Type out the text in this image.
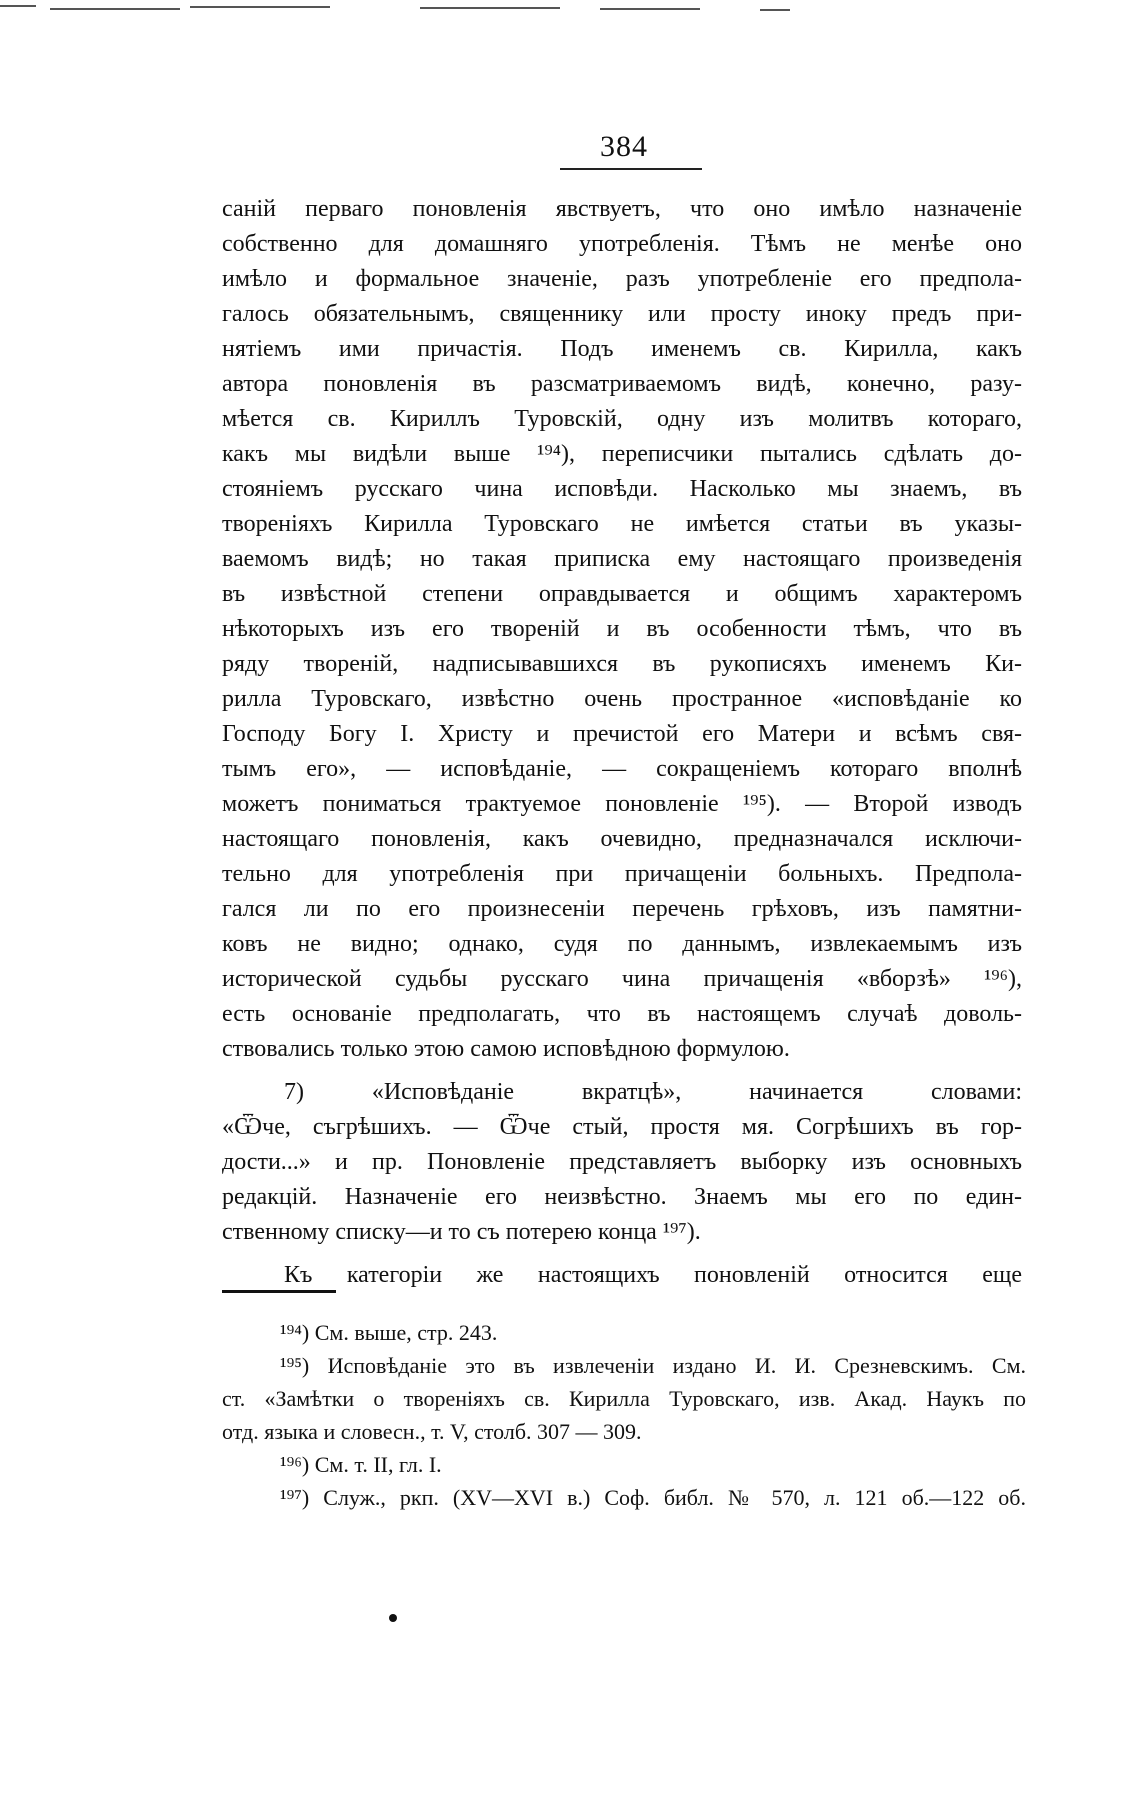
384
саній перваго поновленія явствуетъ, что оно имѣло назначеніе
собственно для домашняго употребленія. Тѣмъ не менѣе оно
имѣло и формальное значеніе, разъ употребленіе его предпола-
галось обязательнымъ, священнику или просту иноку предъ при-
нятіемъ ими причастія. Подъ именемъ св. Кирилла, какъ
автора поновленія въ разсматриваемомъ видѣ, конечно, разу-
мѣется св. Кириллъ Туровскій, одну изъ молитвъ котораго,
какъ мы видѣли выше ¹⁹⁴), переписчики пытались сдѣлать до-
стояніемъ русскаго чина исповѣди. Насколько мы знаемъ, въ
твореніяхъ Кирилла Туровскаго не имѣется статьи въ указы-
ваемомъ видѣ; но такая приписка ему настоящаго произведенія
въ извѣстной степени оправдывается и общимъ характеромъ
нѣкоторыхъ изъ его твореній и въ особенности тѣмъ, что въ
ряду твореній, надписывавшихся въ рукописяхъ именемъ Ки-
рилла Туровскаго, извѣстно очень пространное «исповѣданіе ко
Господу Богу І. Христу и пречистой его Матери и всѣмъ свя-
тымъ его», — исповѣданіе, — сокращеніемъ котораго вполнѣ
можетъ пониматься трактуемое поновленіе ¹⁹⁵). — Второй изводъ
настоящаго поновленія, какъ очевидно, предназначался исключи-
тельно для употребленія при причащеніи больныхъ. Предпола-
гался ли по его произнесеніи перечень грѣховъ, изъ памятни-
ковъ не видно; однако, судя по даннымъ, извлекаемымъ изъ
исторической судьбы русскаго чина причащенія «вборзѣ» ¹⁹⁶),
есть основаніе предполагать, что въ настоящемъ случаѣ доволь-
ствовались только этою самою исповѣдною формулою.
7) «Исповѣданіе вкратцѣ», начинается словами:
«Ѿче, съгрѣшихъ. — Ѿче стый, простя мя. Согрѣшихъ въ гор-
дости...» и пр. Поновленіе представляетъ выборку изъ основныхъ
редакцій. Назначеніе его неизвѣстно. Знаемъ мы его по един-
ственному списку—и то съ потерею конца ¹⁹⁷).
Къ категоріи же настоящихъ поновленій относится еще
¹⁹⁴) См. выше, стр. 243.
¹⁹⁵) Исповѣданіе это въ извлеченіи издано И. И. Срезневскимъ. См.
ст. «Замѣтки о твореніяхъ св. Кирилла Туровскаго, изв. Акад. Наукъ по
отд. языка и словесн., т. V, столб. 307 — 309.
¹⁹⁶) См. т. II, гл. I.
¹⁹⁷) Служ., ркп. (XV—XVI в.) Соф. библ. № 570, л. 121 об.—122 об.
